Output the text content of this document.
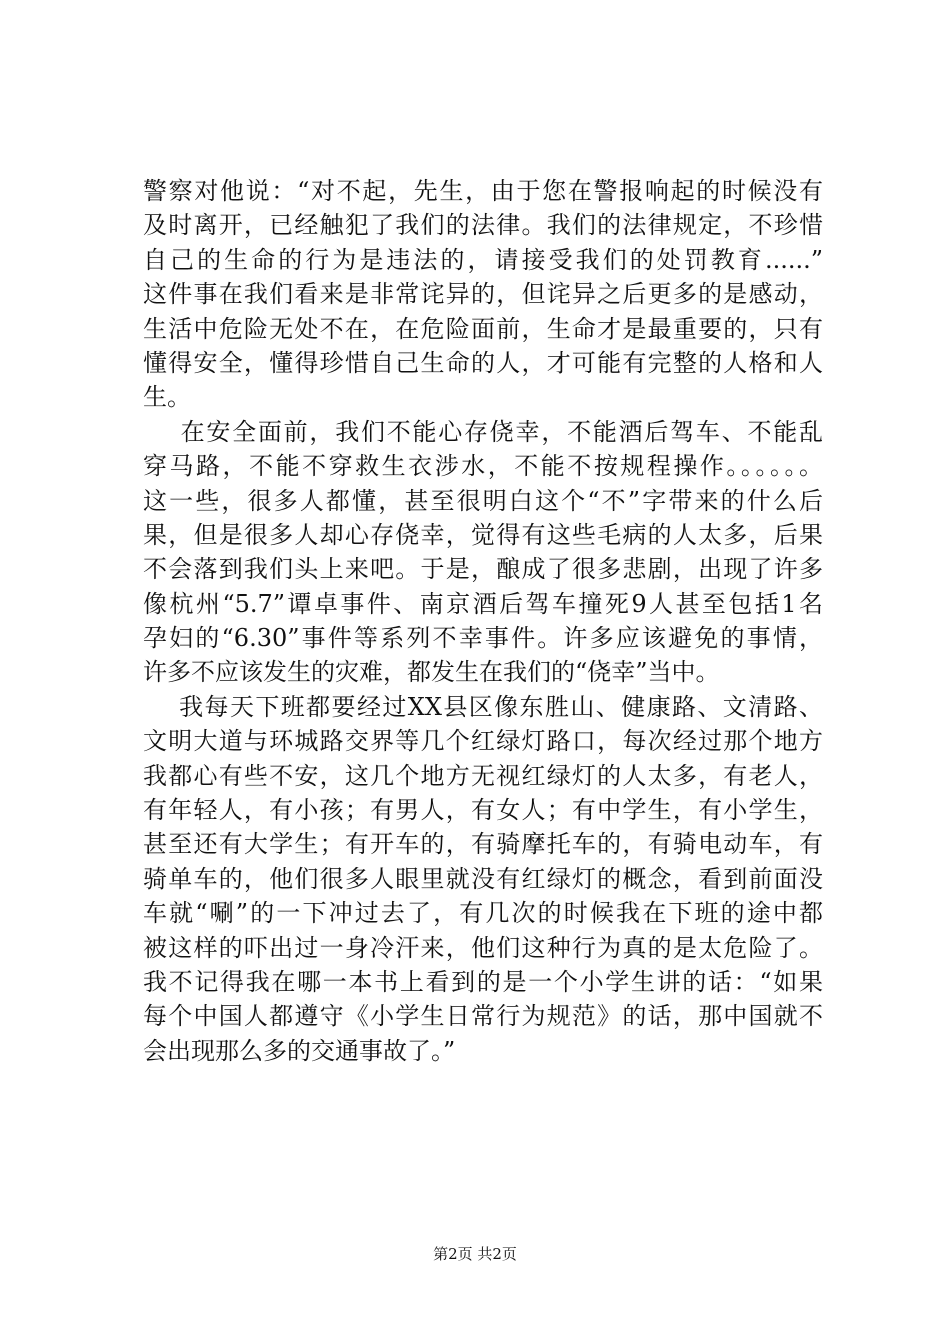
警察对他说：“对不起，先生，由于您在警报响起的时候没有
及时离开，已经触犯了我们的法律。我们的法律规定，不珍惜
自己的生命的行为是违法的，请接受我们的处罚教育......”
这件事在我们看来是非常诧异的，但诧异之后更多的是感动，
生活中危险无处不在，在危险面前，生命才是最重要的，只有
懂得安全，懂得珍惜自己生命的人，才可能有完整的人格和人
生。
在安全面前，我们不能心存侥幸，不能酒后驾车、不能乱
穿马路，不能不穿救生衣涉水，不能不按规程操作。。。。。。
这一些，很多人都懂，甚至很明白这个“不”字带来的什么后
果，但是很多人却心存侥幸，觉得有这些毛病的人太多，后果
不会落到我们头上来吧。于是，酿成了很多悲剧，出现了许多
像杭州“5.7”谭卓事件、南京酒后驾车撞死9人甚至包括1名
孕妇的“6.30”事件等系列不幸事件。许多应该避免的事情，
许多不应该发生的灾难，都发生在我们的“侥幸”当中。
我每天下班都要经过XX县区像东胜山、健康路、文清路、
文明大道与环城路交界等几个红绿灯路口，每次经过那个地方
我都心有些不安，这几个地方无视红绿灯的人太多，有老人，
有年轻人，有小孩；有男人，有女人；有中学生，有小学生，
甚至还有大学生；有开车的，有骑摩托车的，有骑电动车，有
骑单车的，他们很多人眼里就没有红绿灯的概念，看到前面没
车就“唰”的一下冲过去了，有几次的时候我在下班的途中都
被这样的吓出过一身冷汗来，他们这种行为真的是太危险了。
我不记得我在哪一本书上看到的是一个小学生讲的话：“如果
每个中国人都遵守《小学生日常行为规范》的话，那中国就不
会出现那么多的交通事故了。”
第2页 共2页
